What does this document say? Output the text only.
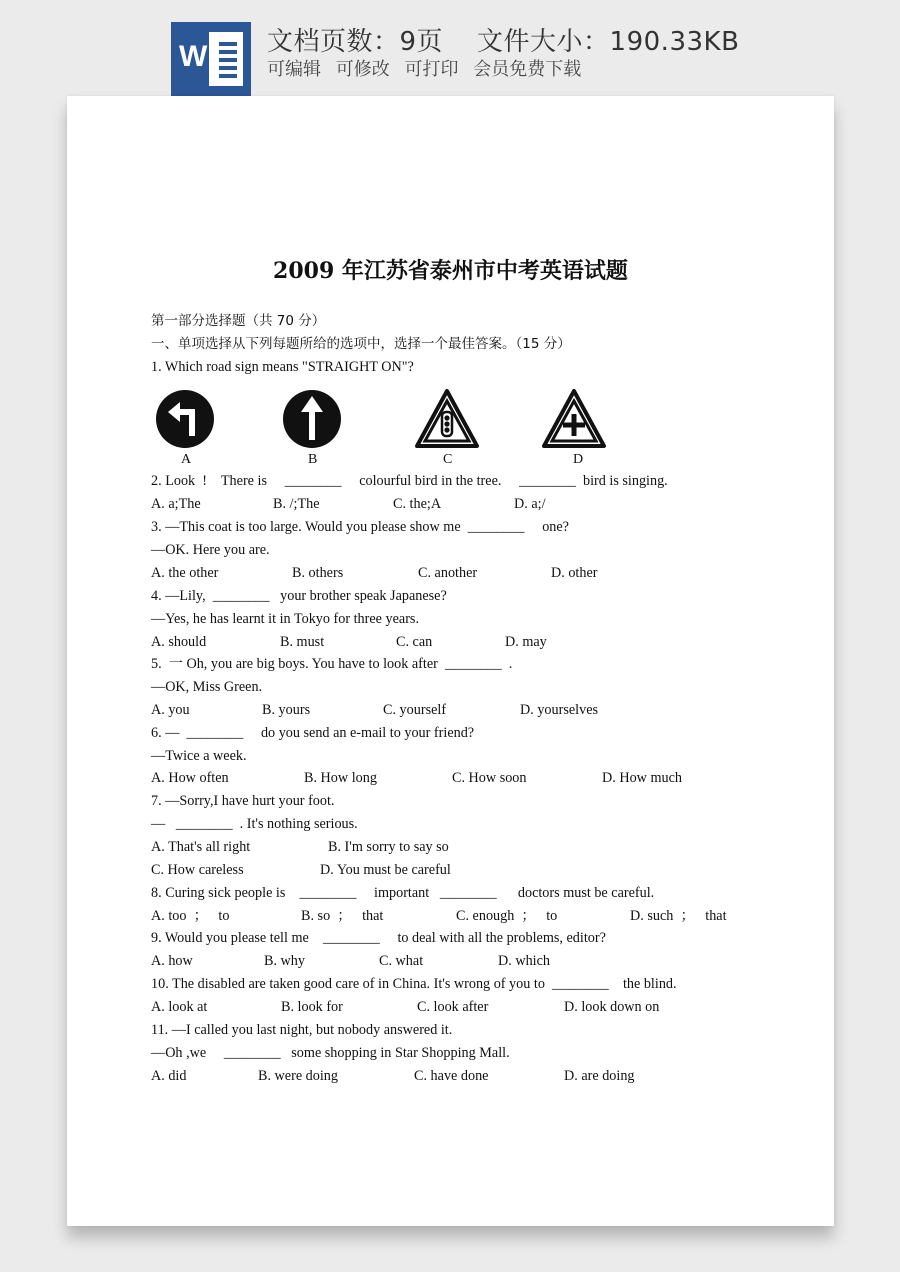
W 文档页数：9页 文件大小：190.33KB
可编辑 可修改 可打印 会员免费下载
2009 年江苏省泰州市中考英语试题
第一部分选择题（共 70 分）
一、单项选择从下列每题所给的选项中，选择一个最佳答案。（15 分）
1. Which road sign means "STRAIGHT ON"?
A	B	C	D
2. Look  !    There is     ________     colourful bird in the tree.     ________  bird is singing.
A. a;The	B. /;The	C. the;A	D. a;/
3. —This coat is too large. Would you please show me  ________     one?
—OK. Here you are.
A. the other	B. others	C. another	D. other
4. —Lily,  ________   your brother speak Japanese?
—Yes, he has learnt it in Tokyo for three years.
A. should	B. must	C. can	D. may
5.  一 Oh, you are big boys. You have to look after  ________  .
—OK, Miss Green.
A. you	B. yours	C. yourself	D. yourselves
6. —  ________     do you send an e-mail to your friend?
—Twice a week.
A. How often	B. How long	C. How soon	D. How much
7. —Sorry,I have hurt your foot.
—   ________  . It's nothing serious.
A. That's all right	B. I'm sorry to say so
C. How careless	D. You must be careful
8. Curing sick people is    ________     important   ________      doctors must be careful.
A. too  ；   to	B. so  ；   that	C. enough  ；   to	D. such  ；   that
9. Would you please tell me    ________     to deal with all the problems, editor?
A. how	B. why	C. what	D. which
10. The disabled are taken good care of in China. It's wrong of you to  ________    the blind.
A. look at	B. look for	C. look after	D. look down on
11. —I called you last night, but nobody answered it.
—Oh ,we     ________   some shopping in Star Shopping Mall.
A. did	B. were doing	C. have done	D. are doing
